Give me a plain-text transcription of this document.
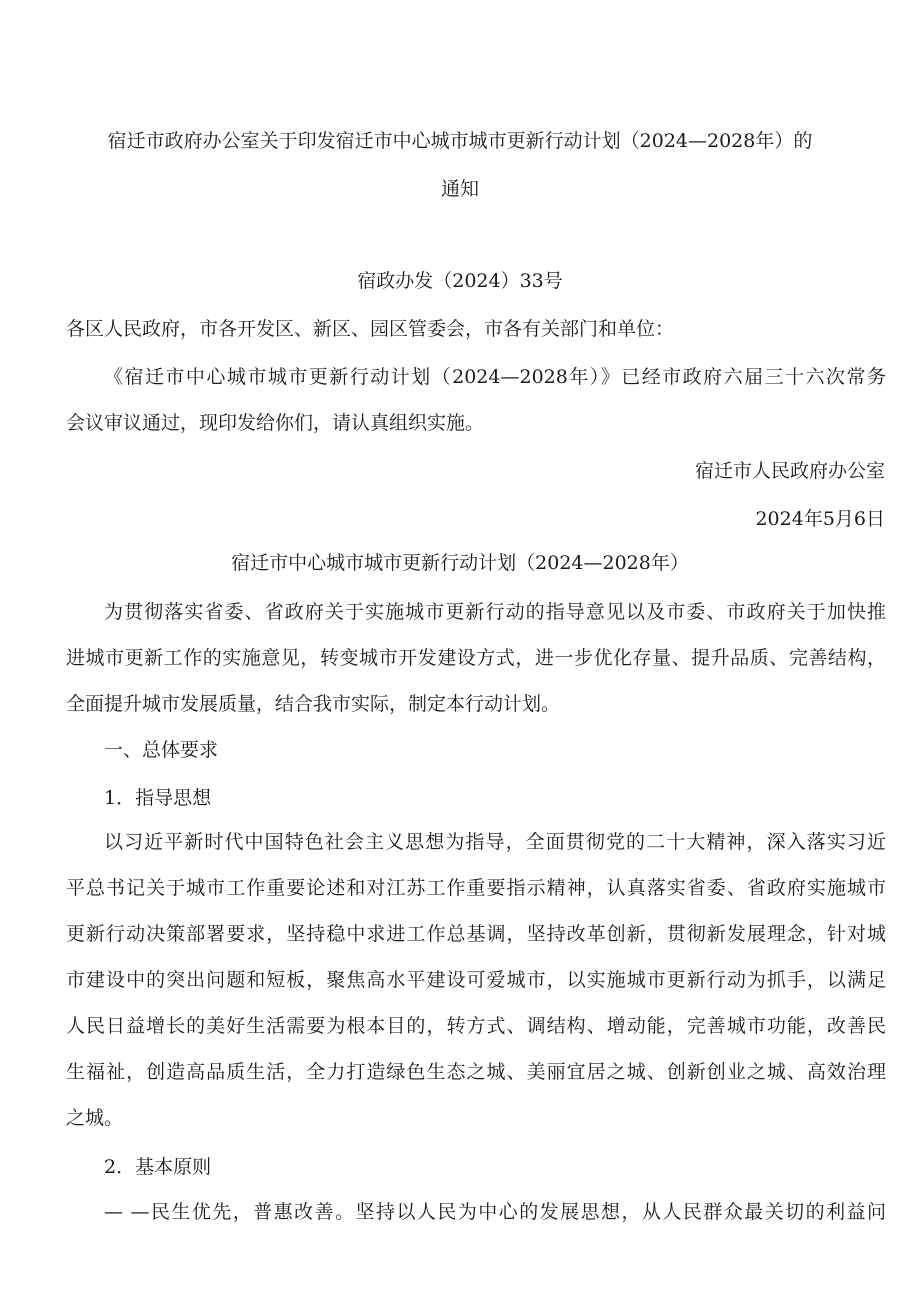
宿迁市政府办公室关于印发宿迁市中心城市城市更新行动计划（2024—2028年）的
通知
宿政办发（2024）33号
各区人民政府，市各开发区、新区、园区管委会，市各有关部门和单位：
《宿迁市中心城市城市更新行动计划（2024—2028年）》已经市政府六届三十六次常务
会议审议通过，现印发给你们，请认真组织实施。
宿迁市人民政府办公室
2024年5月6日
宿迁市中心城市城市更新行动计划（2024—2028年）
为贯彻落实省委、省政府关于实施城市更新行动的指导意见以及市委、市政府关于加快推
进城市更新工作的实施意见，转变城市开发建设方式，进一步优化存量、提升品质、完善结构，
全面提升城市发展质量，结合我市实际，制定本行动计划。
一、总体要求
1．指导思想
以习近平新时代中国特色社会主义思想为指导，全面贯彻党的二十大精神，深入落实习近
平总书记关于城市工作重要论述和对江苏工作重要指示精神，认真落实省委、省政府实施城市
更新行动决策部署要求，坚持稳中求进工作总基调，坚持改革创新，贯彻新发展理念，针对城
市建设中的突出问题和短板，聚焦高水平建设可爱城市，以实施城市更新行动为抓手，以满足
人民日益增长的美好生活需要为根本目的，转方式、调结构、增动能，完善城市功能，改善民
生福祉，创造高品质生活，全力打造绿色生态之城、美丽宜居之城、创新创业之城、高效治理
之城。
2．基本原则
— —民生优先，普惠改善。坚持以人民为中心的发展思想，从人民群众最关切的利益问
